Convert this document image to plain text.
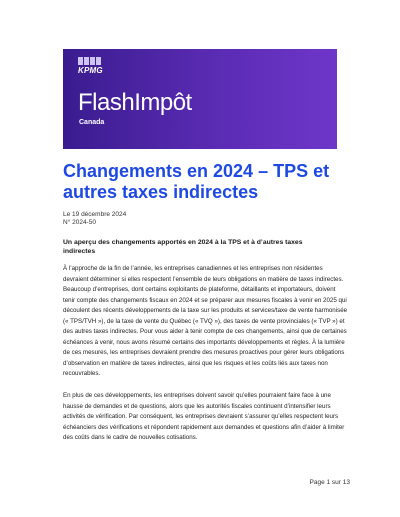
KPMG
FlashImpôt
Canada
Changements en 2024 – TPS et autres taxes indirectes
Le 19 décembre 2024
N° 2024-50

Un aperçu des changements apportés en 2024 à la TPS et à d’autres taxes indirectes

À l’approche de la fin de l’année, les entreprises canadiennes et les entreprises non résidentes devraient déterminer si elles respectent l’ensemble de leurs obligations en matière de taxes indirectes. Beaucoup d’entreprises, dont certains exploitants de plateforme, détaillants et importateurs, doivent tenir compte des changements fiscaux en 2024 et se préparer aux mesures fiscales à venir en 2025 qui découlent des récents développements de la taxe sur les produits et services/taxe de vente harmonisée (« TPS/TVH »), de la taxe de vente du Québec (« TVQ »), des taxes de vente provinciales (« TVP ») et des autres taxes indirectes. Pour vous aider à tenir compte de ces changements, ainsi que de certaines échéances à venir, nous avons résumé certains des importants développements et règles. À la lumière de ces mesures, les entreprises devraient prendre des mesures proactives pour gérer leurs obligations d’observation en matière de taxes indirectes, ainsi que les risques et les coûts liés aux taxes non recouvrables.

En plus de ces développements, les entreprises doivent savoir qu’elles pourraient faire face à une hausse de demandes et de questions, alors que les autorités fiscales continuent d’intensifier leurs activités de vérification. Par conséquent, les entreprises devraient s’assurer qu’elles respectent leurs échéanciers des vérifications et répondent rapidement aux demandes et questions afin d’aider à limiter des coûts dans le cadre de nouvelles cotisations.

Page 1 sur 13
